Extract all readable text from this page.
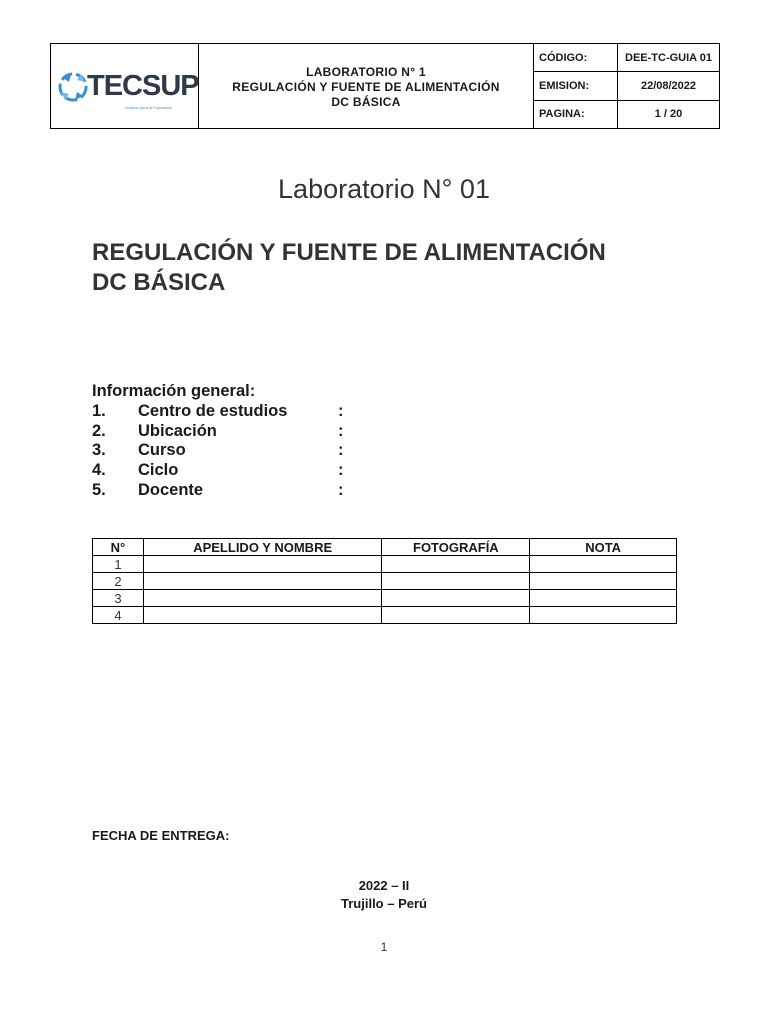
TECSUP
Gestión para la Formación
LABORATORIO N° 1
REGULACIÓN Y FUENTE DE ALIMENTACIÓN
DC BÁSICA
CÓDIGO:	DEE-TC-GUIA 01
EMISION:	22/08/2022
PAGINA:	1 / 20
Laboratorio N° 01
REGULACIÓN Y FUENTE DE ALIMENTACIÓN
DC BÁSICA
Información general:
1.	Centro de estudios	:
2.	Ubicación	:
3.	Curso	:
4.	Ciclo	:
5.	Docente	:
N°	APELLIDO Y NOMBRE	FOTOGRAFÍA	NOTA
1			
2			
3			
4			
FECHA DE ENTREGA:
2022 – II
Trujillo – Perú
1
